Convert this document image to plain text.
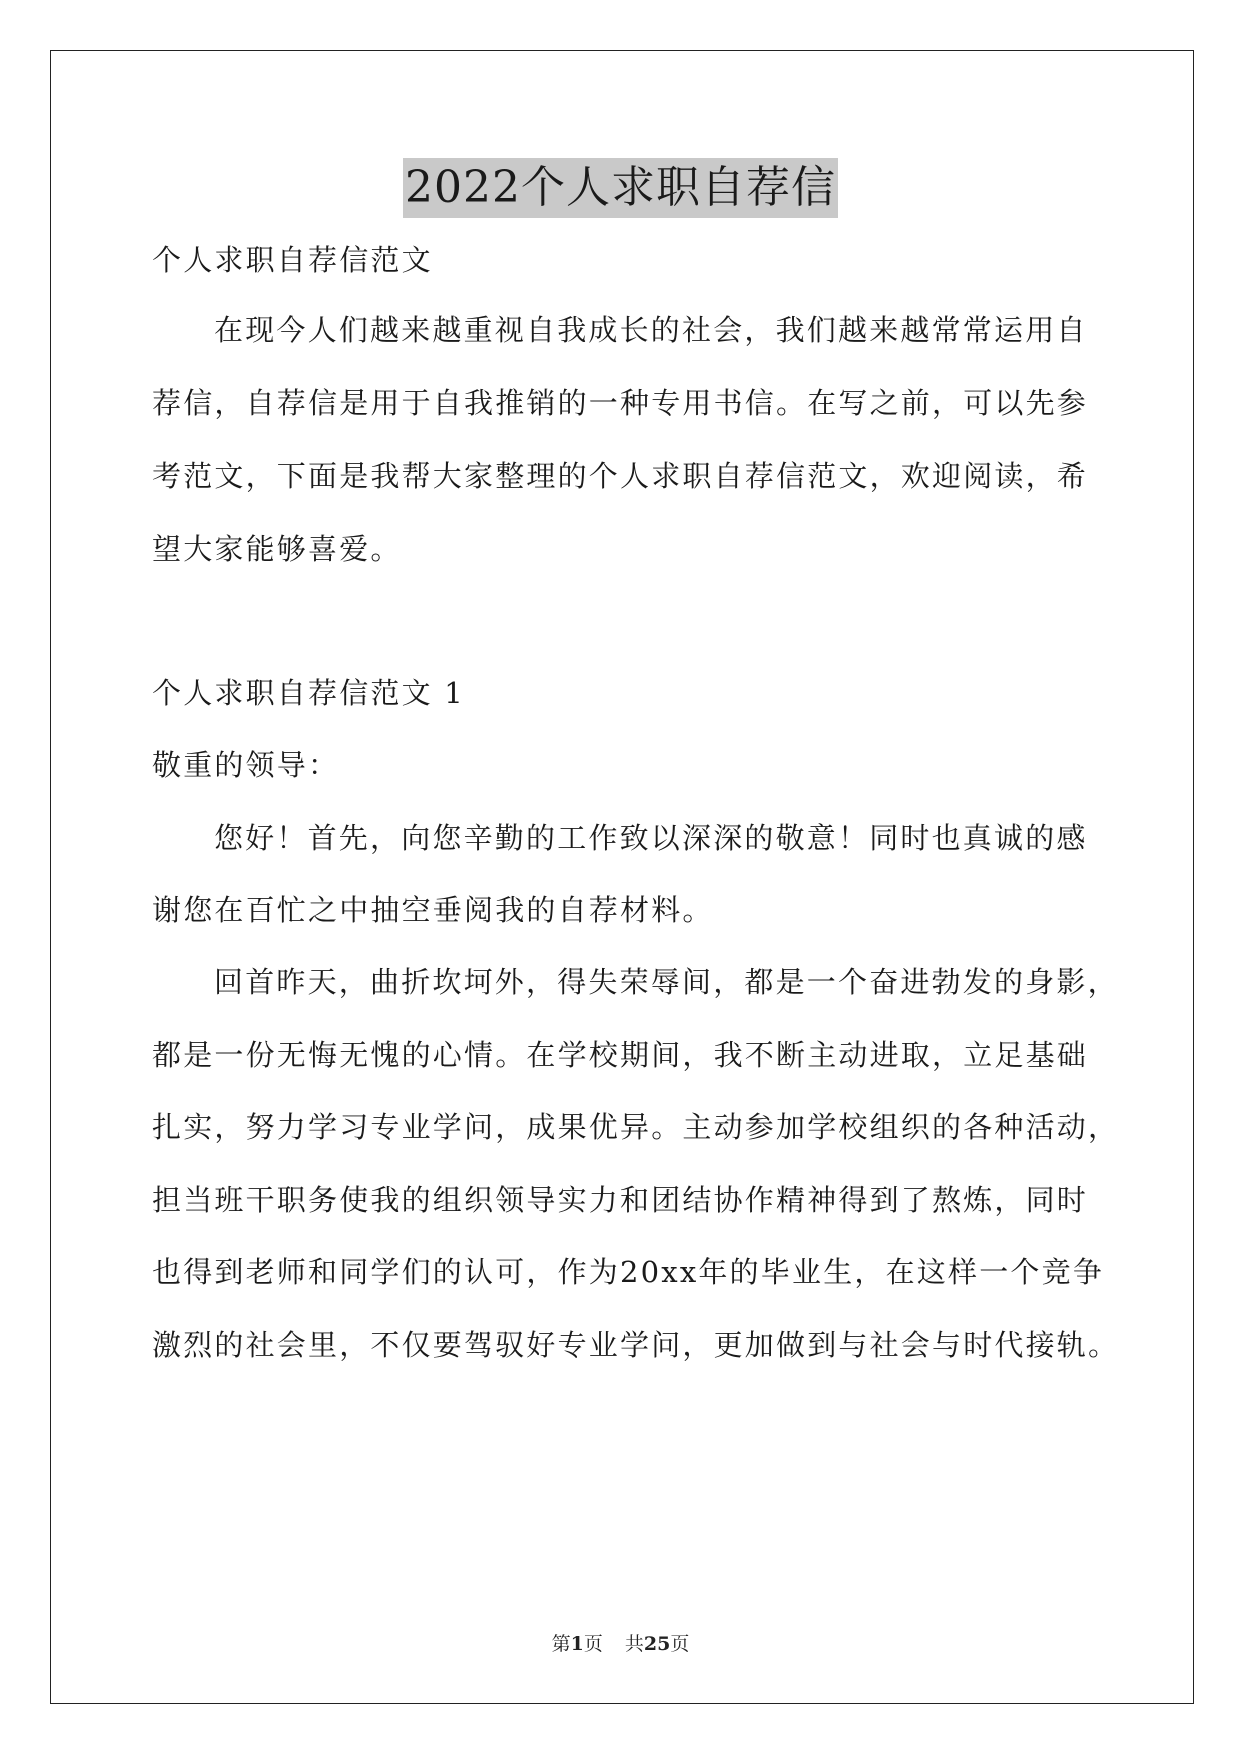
2022个人求职自荐信
个人求职自荐信范文
在现今人们越来越重视自我成长的社会，我们越来越常常运用自
荐信，自荐信是用于自我推销的一种专用书信。在写之前，可以先参
考范文，下面是我帮大家整理的个人求职自荐信范文，欢迎阅读，希
望大家能够喜爱。
个人求职自荐信范文 1
敬重的领导：
您好！首先，向您辛勤的工作致以深深的敬意！同时也真诚的感
谢您在百忙之中抽空垂阅我的自荐材料。
回首昨天，曲折坎坷外，得失荣辱间，都是一个奋进勃发的身影，
都是一份无悔无愧的心情。在学校期间，我不断主动进取，立足基础
扎实，努力学习专业学问，成果优异。主动参加学校组织的各种活动，
担当班干职务使我的组织领导实力和团结协作精神得到了熬炼，同时
也得到老师和同学们的认可，作为20xx年的毕业生，在这样一个竞争
激烈的社会里，不仅要驾驭好专业学问，更加做到与社会与时代接轨。
第1页 共25页
